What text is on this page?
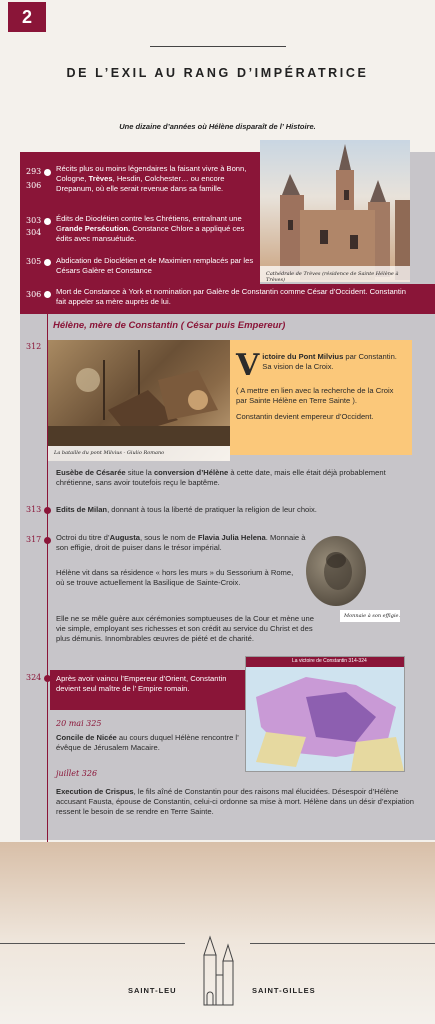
2
DE L’EXIL AU RANG D’IMPÉRATRICE
Une dizaine d’années où Hélène disparaît de l’ Histoire.
Cathédrale de Trèves (résidence de Sainte Hélène à Trèves)
293
306
Récits plus ou moins légendaires la faisant vivre à Bonn, Cologne, Trèves, Hesdin, Colchester… ou encore Drepanum, où elle serait revenue dans sa famille.
303
304
Édits de Dioclétien contre les Chrétiens, entraînant une Grande Persécution. Constance Chlore a appliqué ces édits avec mansuétude.
305 Abdication de Dioclétien et de Maximien remplacés par les Césars Galère et Constance
306 Mort de Constance à York et nomination par Galère de Constantin comme César d’Occident. Constantin fait appeler sa mère auprès de lui.
Hélène, mère de Constantin ( César puis Empereur)
312
La bataille du pont Milvius - Giulio Romano
Victoire du Pont Milvius par Constantin. Sa vision de la Croix.
( A mettre en lien avec la recherche de la Croix par Sainte Hélène en Terre Sainte ).
Constantin devient empereur d’Occident.
Eusèbe de Césarée situe la conversion d’Hélène à cette date, mais elle était déjà probablement chrétienne, sans avoir toutefois reçu le baptême.
313 Edits de Milan, donnant à tous la liberté de pratiquer la religion de leur choix.
317 Octroi du titre d’Augusta, sous le nom de Flavia Julia Helena. Monnaie à son effigie, droit de puiser dans le trésor impérial.
Hélène vit dans sa résidence « hors les murs » du Sessorium à Rome, où se trouve actuellement la Basilique de Sainte-Croix.
Elle ne se mêle guère aux cérémonies somptueuses de la Cour et mène une vie simple, employant ses richesses et son crédit au service du Christ et des plus démunis. Innombrables œuvres de piété et de charité.
Monnaie à son effigie.
324 Après avoir vaincu l’Empereur d’Orient, Constantin devient seul maître de l’ Empire romain.
La victoire de Constantin 314-324
20 mai 325
Concile de Nicée au cours duquel Hélène rencontre l’ évêque de Jérusalem Macaire.
juillet 326
Execution de Crispus, le fils aîné de Constantin pour des raisons mal élucidées. Désespoir d’Hélène accusant Fausta, épouse de Constantin, celui-ci ordonne sa mise à mort. Hélène dans un désir d’expiation ressent le besoin de se rendre en Terre Sainte.
SAINT-LEU	SAINT-GILLES
